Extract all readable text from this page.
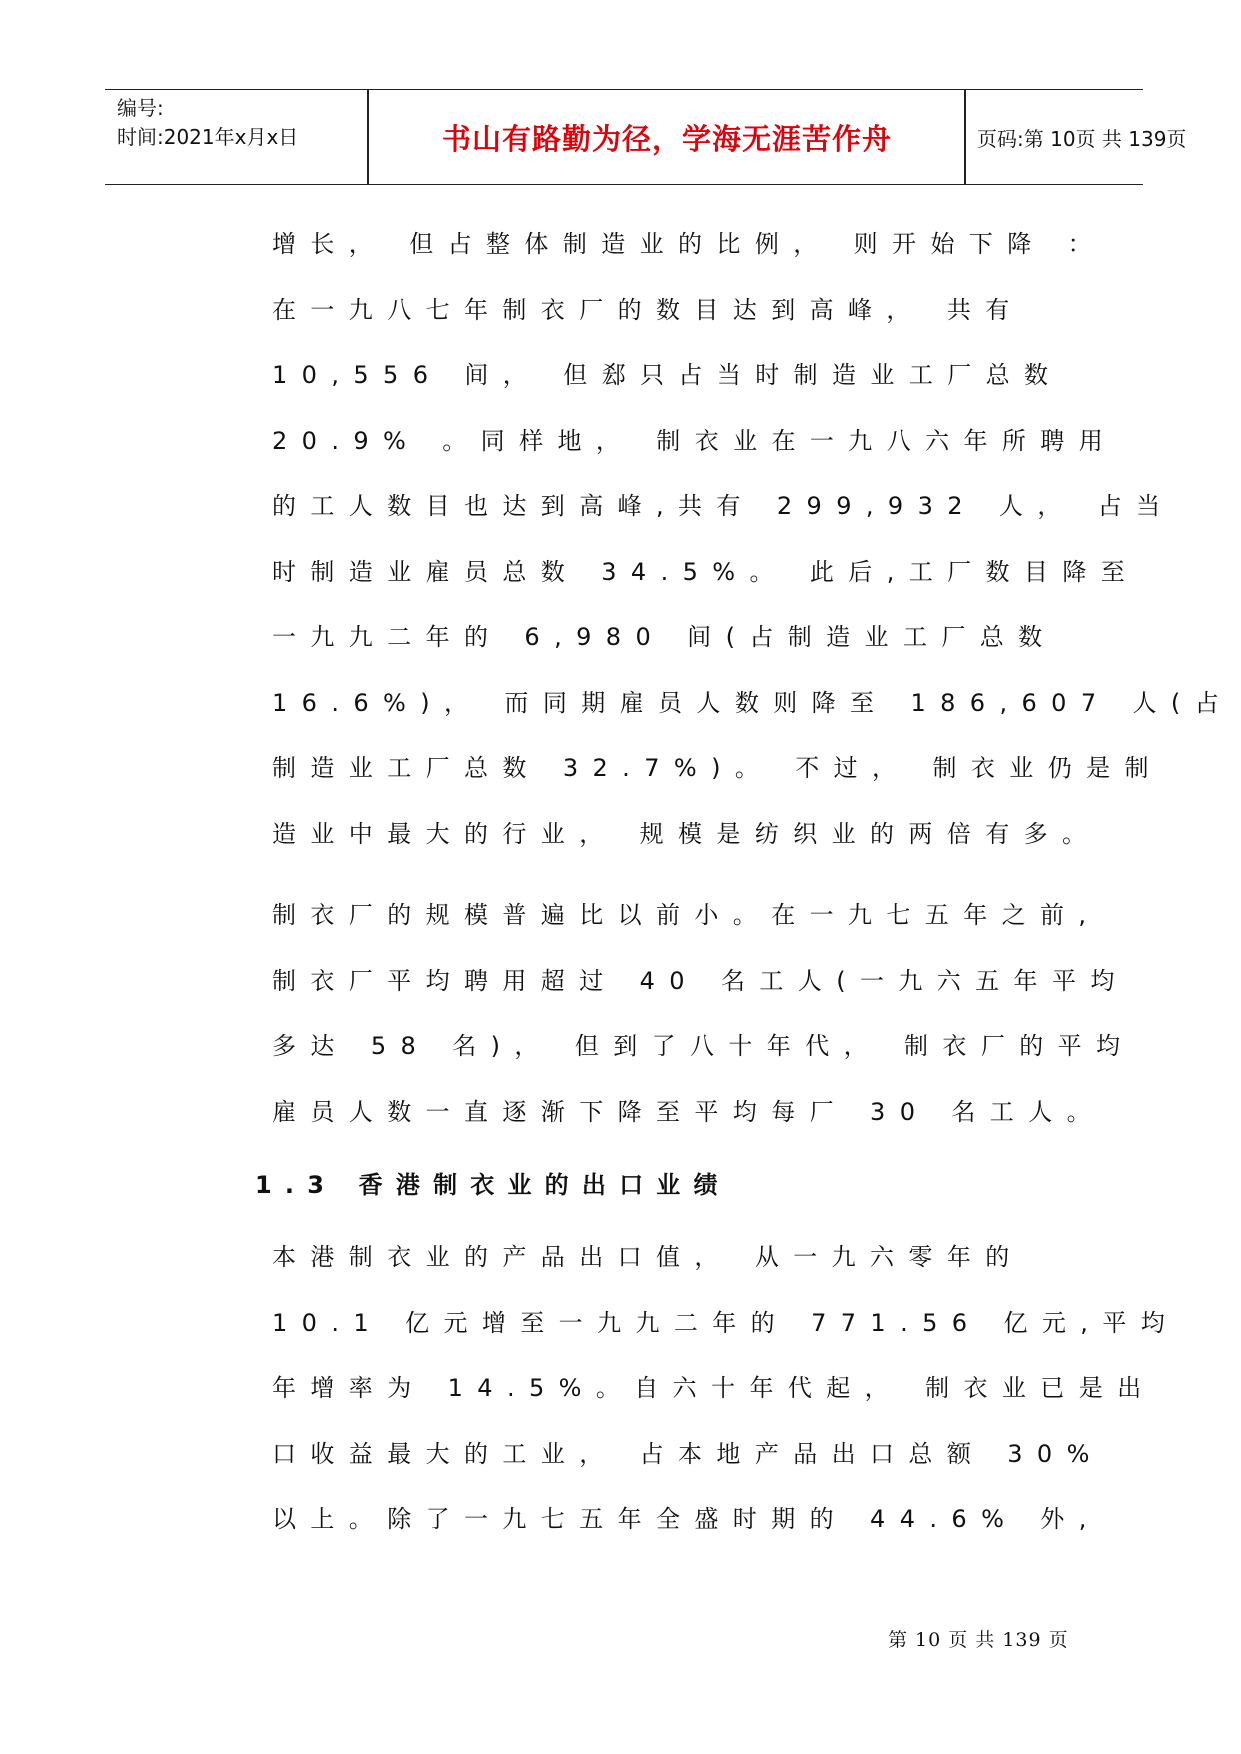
编号:
时间:2021年x月x日	书山有路勤为径，学海无涯苦作舟	页码:第 10页 共 139页
增长， 但占整体制造业的比例， 则开始下降 ：
在一九八七年制衣厂的数目达到高峰， 共有
10,556 间， 但郄只占当时制造业工厂总数
20.9% 。同样地， 制衣业在一九八六年所聘用
的工人数目也达到高峰,共有 299,932 人， 占当
时制造业雇员总数 34.5%。 此后,工厂数目降至
一九九二年的 6,980 间(占制造业工厂总数
16.6%)， 而同期雇员人数则降至 186,607 人(占
制造业工厂总数 32.7%)。 不过， 制衣业仍是制
造业中最大的行业， 规模是纺织业的两倍有多。
制衣厂的规模普遍比以前小。在一九七五年之前,
制衣厂平均聘用超过 40 名工人(一九六五年平均
多达 58 名)， 但到了八十年代， 制衣厂的平均
雇员人数一直逐渐下降至平均每厂 30 名工人。
1.3 香港制衣业的出口业绩
本港制衣业的产品出口值， 从一九六零年的
10.1 亿元增至一九九二年的 771.56 亿元,平均
年增率为 14.5%。自六十年代起， 制衣业已是出
口收益最大的工业， 占本地产品出口总额 30%
以上。除了一九七五年全盛时期的 44.6% 外,
第 10 页 共 139 页
